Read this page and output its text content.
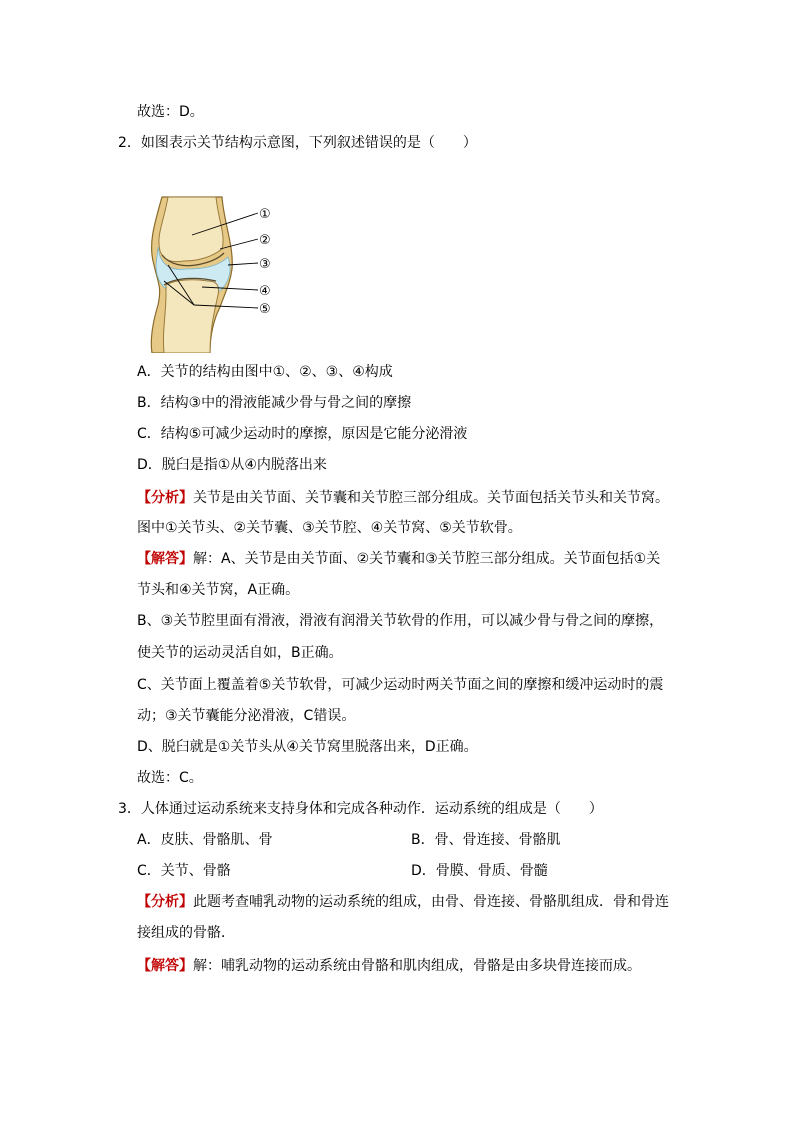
故选：D。
2．如图表示关节结构示意图，下列叙述错误的是（　　）
①
②
③
④
⑤
A．关节的结构由图中①、②、③、④构成
B．结构③中的滑液能减少骨与骨之间的摩擦
C．结构⑤可减少运动时的摩擦，原因是它能分泌滑液
D．脱臼是指①从④内脱落出来
【分析】关节是由关节面、关节囊和关节腔三部分组成。关节面包括关节头和关节窝。
图中①关节头、②关节囊、③关节腔、④关节窝、⑤关节软骨。
【解答】解：A、关节是由关节面、②关节囊和③关节腔三部分组成。关节面包括①关
节头和④关节窝，A正确。
B、③关节腔里面有滑液，滑液有润滑关节软骨的作用，可以减少骨与骨之间的摩擦，
使关节的运动灵活自如，B正确。
C、关节面上覆盖着⑤关节软骨，可减少运动时两关节面之间的摩擦和缓冲运动时的震
动；③关节囊能分泌滑液，C错误。
D、脱臼就是①关节头从④关节窝里脱落出来，D正确。
故选：C。
3．人体通过运动系统来支持身体和完成各种动作．运动系统的组成是（　　）
A．皮肤、骨骼肌、骨	B．骨、骨连接、骨骼肌
C．关节、骨骼	D．骨膜、骨质、骨髓
【分析】此题考查哺乳动物的运动系统的组成，由骨、骨连接、骨骼肌组成．骨和骨连
接组成的骨骼．
【解答】解：哺乳动物的运动系统由骨骼和肌肉组成，骨骼是由多块骨连接而成。
